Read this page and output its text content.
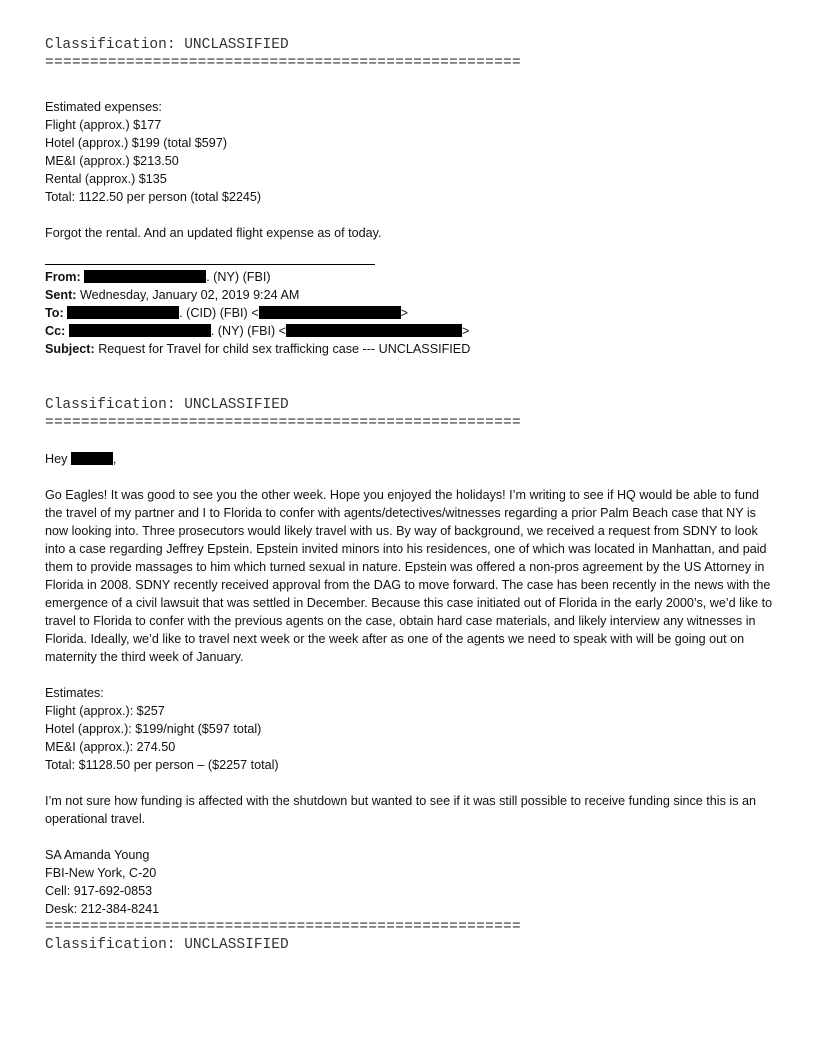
Classification: UNCLASSIFIED
=====================================================
Estimated expenses:
Flight (approx.) $177
Hotel (approx.) $199 (total $597)
ME&I (approx.) $213.50
Rental (approx.) $135
Total: 1122.50 per person (total $2245)
Forgot the rental. And an updated flight expense as of today.
From:	. (NY) (FBI)
Sent: Wednesday, January 02, 2019 9:24 AM
To:	. (CID) (FBI) <	>
Cc:	. (NY) (FBI) <	>
Subject: Request for Travel for child sex trafficking case --- UNCLASSIFIED
Classification: UNCLASSIFIED
=====================================================
Hey	,
Go Eagles! It was good to see you the other week. Hope you enjoyed the holidays! I’m writing to see if HQ would be able to fund the travel of my partner and I to Florida to confer with agents/detectives/witnesses regarding a prior Palm Beach case that NY is now looking into. Three prosecutors would likely travel with us. By way of background, we received a request from SDNY to look into a case regarding Jeffrey Epstein. Epstein invited minors into his residences, one of which was located in Manhattan, and paid them to provide massages to him which turned sexual in nature. Epstein was offered a non-pros agreement by the US Attorney in Florida in 2008. SDNY recently received approval from the DAG to move forward. The case has been recently in the news with the emergence of a civil lawsuit that was settled in December. Because this case initiated out of Florida in the early 2000’s, we’d like to travel to Florida to confer with the previous agents on the case, obtain hard case materials, and likely interview any witnesses in Florida. Ideally, we’d like to travel next week or the week after as one of the agents we need to speak with will be going out on maternity the third week of January.
Estimates:
Flight (approx.): $257
Hotel (approx.): $199/night ($597 total)
ME&I (approx.): 274.50
Total: $1128.50 per person – ($2257 total)
I’m not sure how funding is affected with the shutdown but wanted to see if it was still possible to receive funding since this is an operational travel.
SA Amanda Young
FBI-New York, C-20
Cell: 917-692-0853
Desk: 212-384-8241
=====================================================
Classification: UNCLASSIFIED
